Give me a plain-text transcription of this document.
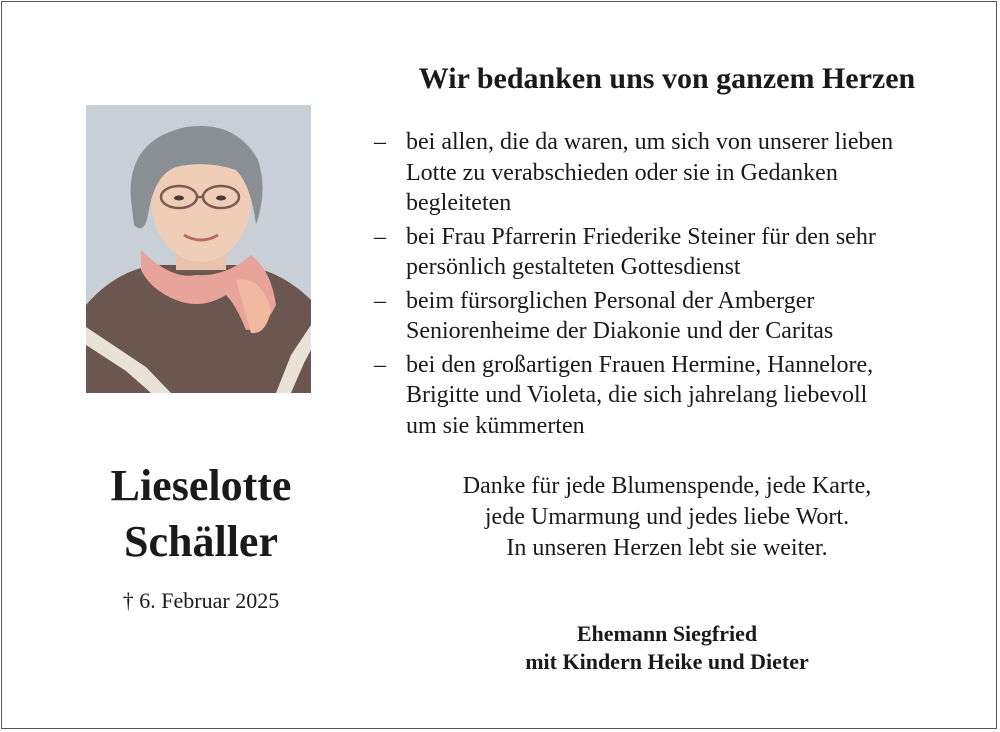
Lieselotte
Schäller
† 6. Februar 2025
Wir bedanken uns von ganzem Herzen
– bei allen, die da waren, um sich von unserer lieben
Lotte zu verabschieden oder sie in Gedanken
begleiteten
– bei Frau Pfarrerin Friederike Steiner für den sehr
persönlich gestalteten Gottesdienst
– beim fürsorglichen Personal der Amberger
Seniorenheime der Diakonie und der Caritas
– bei den großartigen Frauen Hermine, Hannelore,
Brigitte und Violeta, die sich jahrelang liebevoll
um sie kümmerten
Danke für jede Blumenspende, jede Karte,
jede Umarmung und jedes liebe Wort.
In unseren Herzen lebt sie weiter.
Ehemann Siegfried
mit Kindern Heike und Dieter
